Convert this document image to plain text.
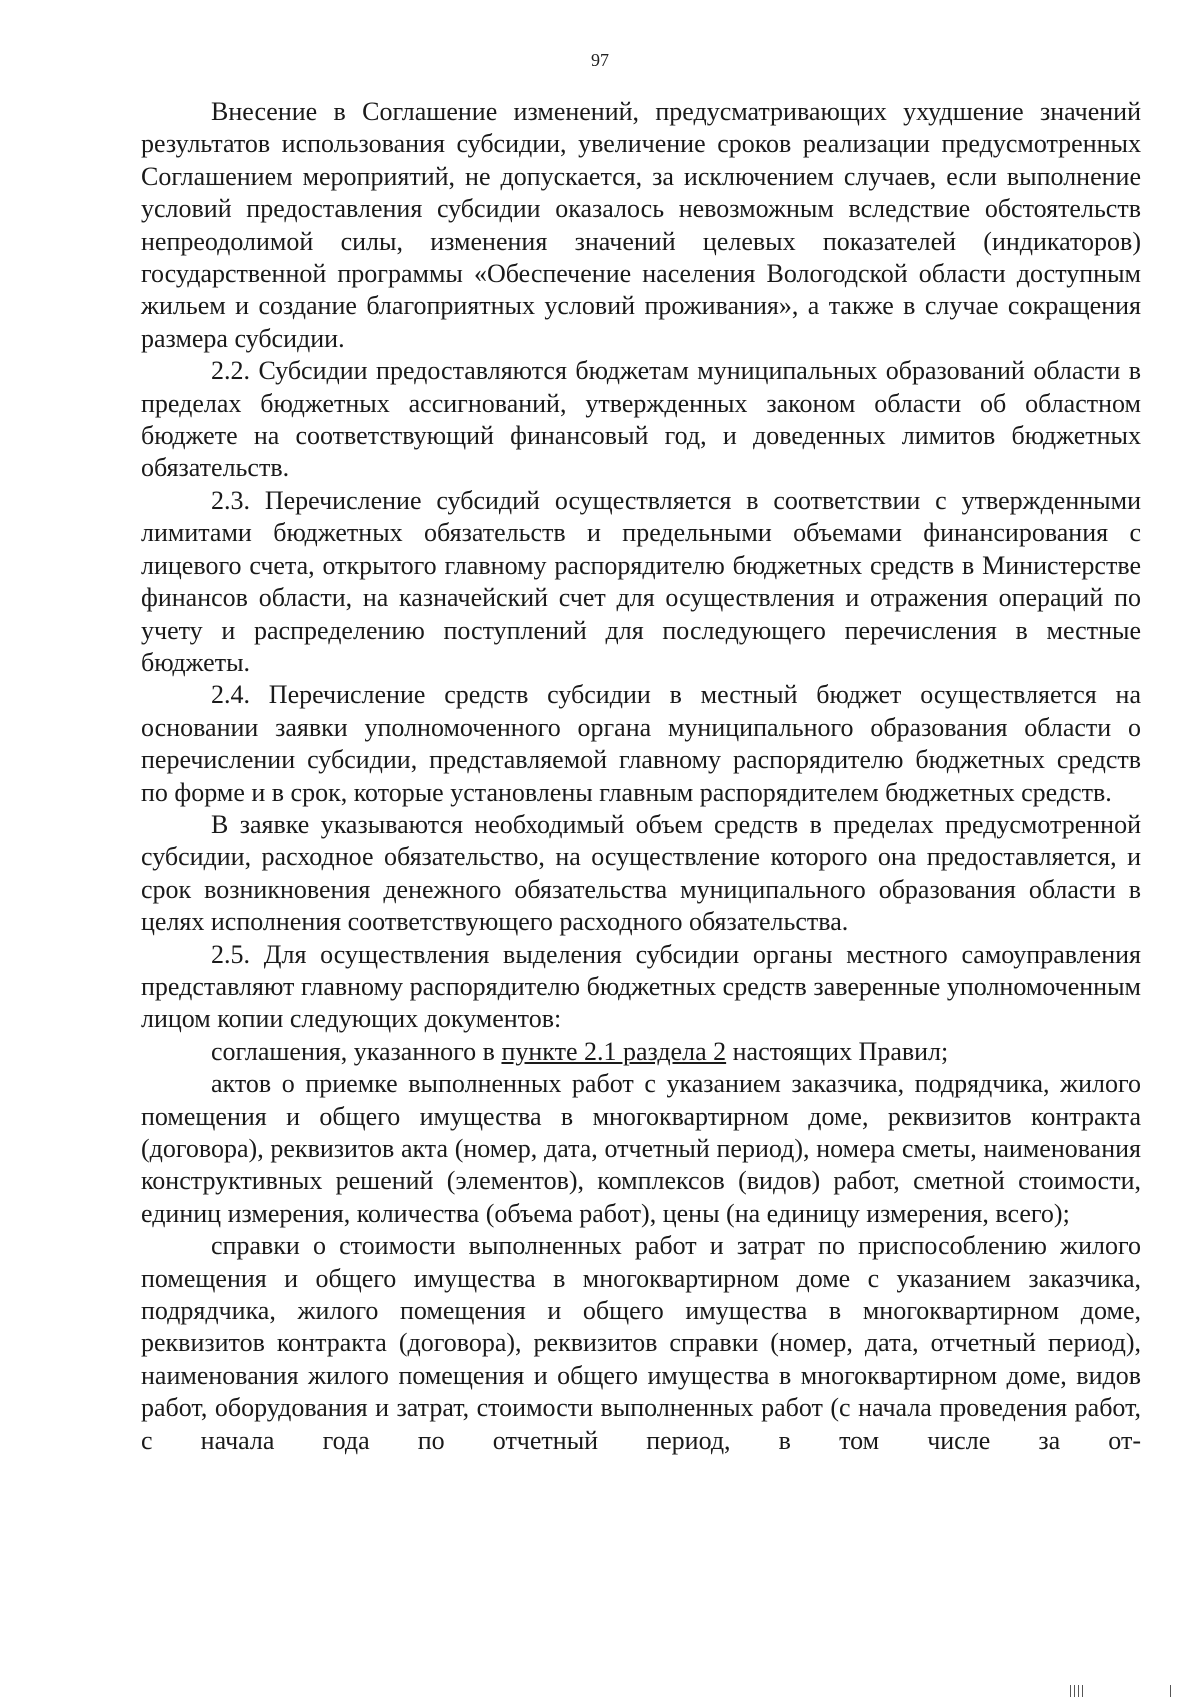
97

Внесение в Соглашение изменений, предусматривающих ухудшение значений результатов использования субсидии, увеличение сроков реализации предусмотренных Соглашением мероприятий, не допускается, за исключением случаев, если выполнение условий предоставления субсидии оказалось невозможным вследствие обстоятельств непреодолимой силы, изменения значений целевых показателей (индикаторов) государственной программы «Обеспечение населения Вологодской области доступным жильем и создание благоприятных условий проживания», а также в случае сокращения размера субсидии.

2.2. Субсидии предоставляются бюджетам муниципальных образований области в пределах бюджетных ассигнований, утвержденных законом области об областном бюджете на соответствующий финансовый год, и доведенных лимитов бюджетных обязательств.

2.3. Перечисление субсидий осуществляется в соответствии с утвержденными лимитами бюджетных обязательств и предельными объемами финансирования с лицевого счета, открытого главному распорядителю бюджетных средств в Министерстве финансов области, на казначейский счет для осуществления и отражения операций по учету и распределению поступлений для последующего перечисления в местные бюджеты.

2.4. Перечисление средств субсидии в местный бюджет осуществляется на основании заявки уполномоченного органа муниципального образования области о перечислении субсидии, представляемой главному распорядителю бюджетных средств по форме и в срок, которые установлены главным распорядителем бюджетных средств.

В заявке указываются необходимый объем средств в пределах предусмотренной субсидии, расходное обязательство, на осуществление которого она предоставляется, и срок возникновения денежного обязательства муниципального образования области в целях исполнения соответствующего расходного обязательства.

2.5. Для осуществления выделения субсидии органы местного самоуправления представляют главному распорядителю бюджетных средств заверенные уполномоченным лицом копии следующих документов:

соглашения, указанного в пункте 2.1 раздела 2 настоящих Правил;

актов о приемке выполненных работ с указанием заказчика, подрядчика, жилого помещения и общего имущества в многоквартирном доме, реквизитов контракта (договора), реквизитов акта (номер, дата, отчетный период), номера сметы, наименования конструктивных решений (элементов), комплексов (видов) работ, сметной стоимости, единиц измерения, количества (объема работ), цены (на единицу измерения, всего);

справки о стоимости выполненных работ и затрат по приспособлению жилого помещения и общего имущества в многоквартирном доме с указанием заказчика, подрядчика, жилого помещения и общего имущества в многоквартирном доме, реквизитов контракта (договора), реквизитов справки (номер, дата, отчетный период), наименования жилого помещения и общего имущества в многоквартирном доме, видов работ, оборудования и затрат, стоимости выполненных работ (с начала проведения работ, с начала года по отчетный период, в том числе за от-
